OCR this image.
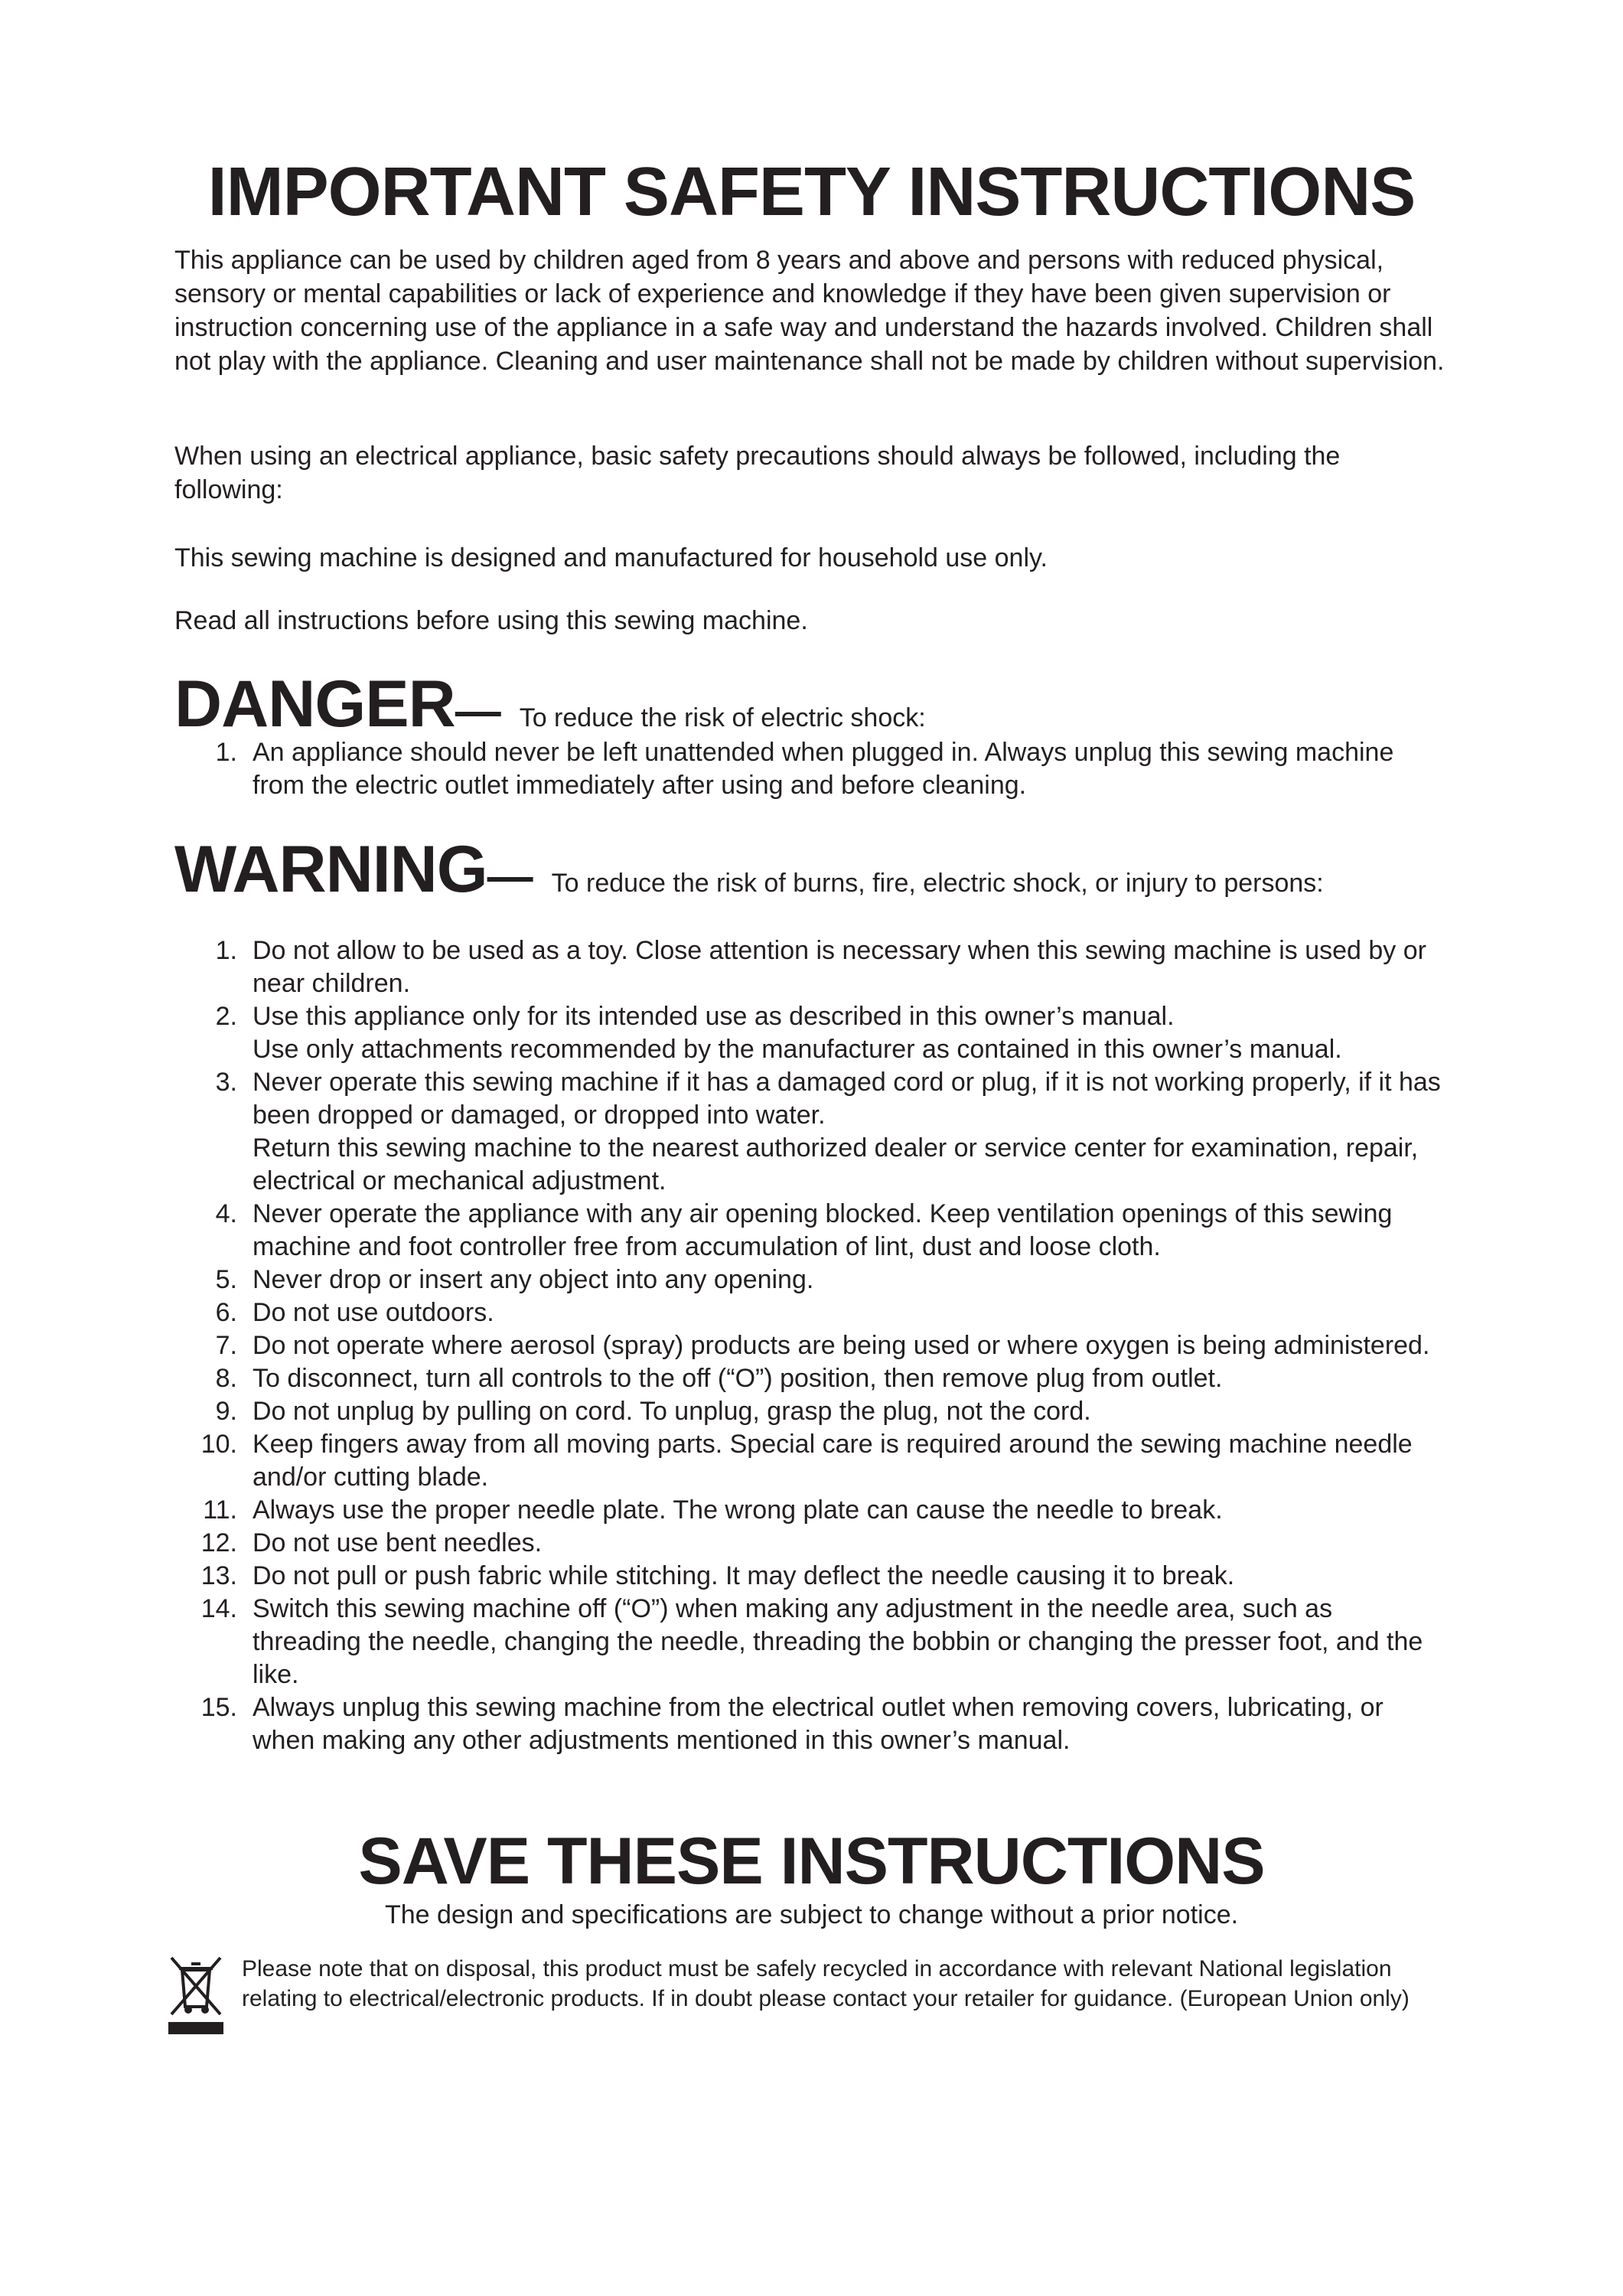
IMPORTANT SAFETY INSTRUCTIONS

This appliance can be used by children aged from 8 years and above and persons with reduced physical, sensory or mental capabilities or lack of experience and knowledge if they have been given supervision or instruction concerning use of the appliance in a safe way and understand the hazards involved. Children shall not play with the appliance. Cleaning and user maintenance shall not be made by children without supervision.

When using an electrical appliance, basic safety precautions should always be followed, including the following:

This sewing machine is designed and manufactured for household use only.

Read all instructions before using this sewing machine.

DANGER — To reduce the risk of electric shock:
1. An appliance should never be left unattended when plugged in. Always unplug this sewing machine from the electric outlet immediately after using and before cleaning.
WARNING — To reduce the risk of burns, fire, electric shock, or injury to persons:
1. Do not allow to be used as a toy. Close attention is necessary when this sewing machine is used by or near children.
2. Use this appliance only for its intended use as described in this owner’s manual.
Use only attachments recommended by the manufacturer as contained in this owner’s manual.
3. Never operate this sewing machine if it has a damaged cord or plug, if it is not working properly, if it has been dropped or damaged, or dropped into water.
Return this sewing machine to the nearest authorized dealer or service center for examination, repair, electrical or mechanical adjustment.
4. Never operate the appliance with any air opening blocked. Keep ventilation openings of this sewing machine and foot controller free from accumulation of lint, dust and loose cloth.
5. Never drop or insert any object into any opening.
6. Do not use outdoors.
7. Do not operate where aerosol (spray) products are being used or where oxygen is being administered.
8. To disconnect, turn all controls to the off (“O”) position, then remove plug from outlet.
9. Do not unplug by pulling on cord. To unplug, grasp the plug, not the cord.
10. Keep fingers away from all moving parts. Special care is required around the sewing machine needle and/or cutting blade.
11. Always use the proper needle plate. The wrong plate can cause the needle to break.
12. Do not use bent needles.
13. Do not pull or push fabric while stitching. It may deflect the needle causing it to break.
14. Switch this sewing machine off (“O”) when making any adjustment in the needle area, such as threading the needle, changing the needle, threading the bobbin or changing the presser foot, and the like.
15. Always unplug this sewing machine from the electrical outlet when removing covers, lubricating, or when making any other adjustments mentioned in this owner’s manual.
SAVE THESE INSTRUCTIONS
The design and specifications are subject to change without a prior notice.

Please note that on disposal, this product must be safely recycled in accordance with relevant National legislation relating to electrical/electronic products. If in doubt please contact your retailer for guidance. (European Union only)
